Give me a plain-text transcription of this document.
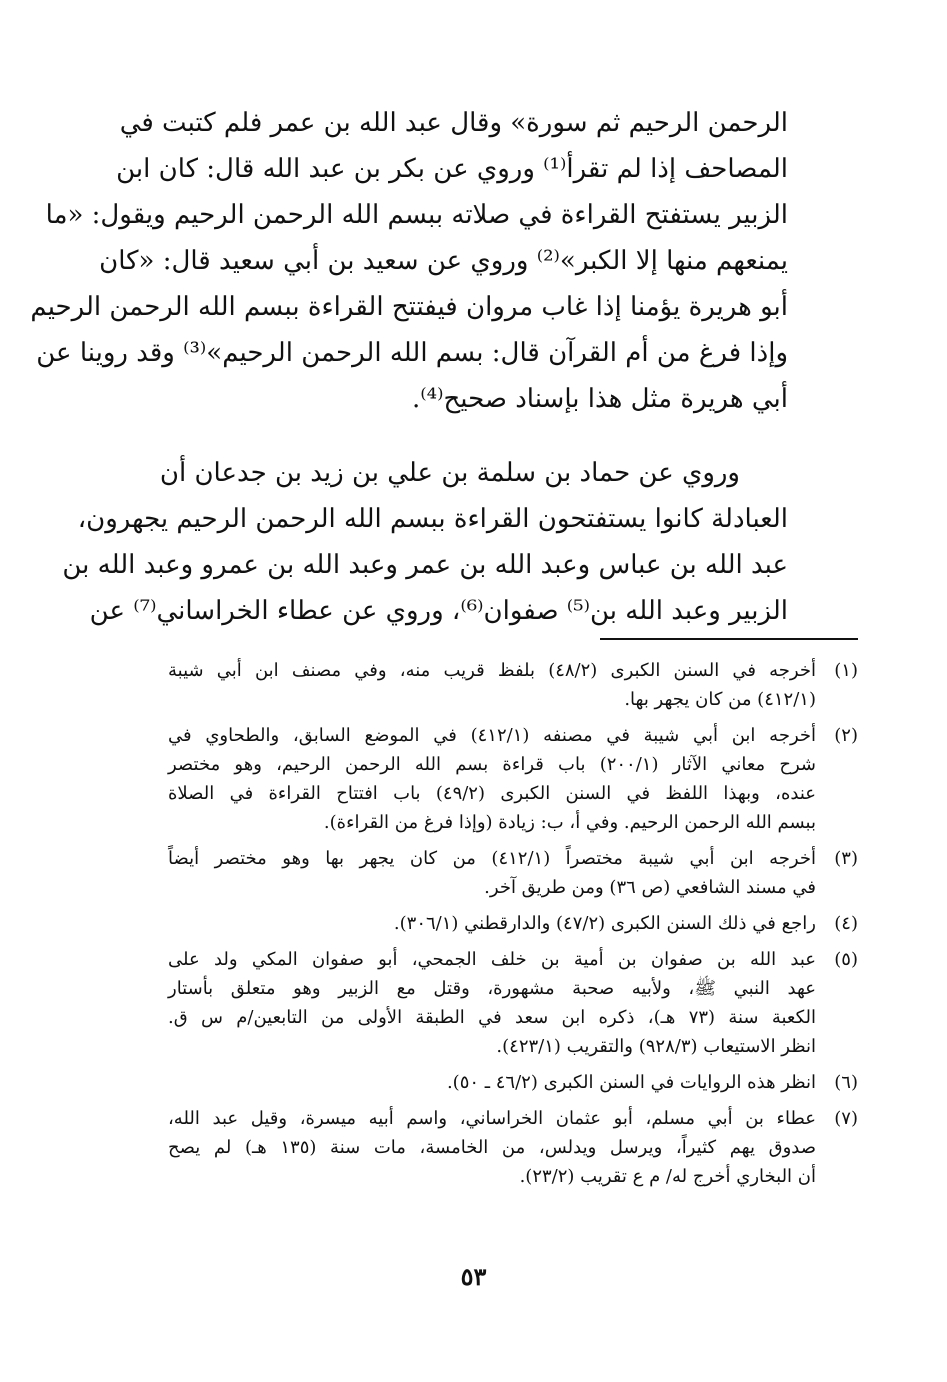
الرحمن الرحيم ثم سورة» وقال عبد الله بن عمر فلم كتبت في
المصاحف إذا لم تقرأ⁽¹⁾ وروي عن بكر بن عبد الله قال: كان ابن
الزبير يستفتح القراءة في صلاته ببسم الله الرحمن الرحيم ويقول: «ما
يمنعهم منها إلا الكبر»⁽²⁾ وروي عن سعيد بن أبي سعيد قال: «كان
أبو هريرة يؤمنا إذا غاب مروان فيفتتح القراءة ببسم الله الرحمن الرحيم
وإذا فرغ من أم القرآن قال: بسم الله الرحمن الرحيم»⁽³⁾ وقد روينا عن
أبي هريرة مثل هذا بإسناد صحيح⁽⁴⁾.
وروي عن حماد بن سلمة بن علي بن زيد بن جدعان أن
العبادلة كانوا يستفتحون القراءة ببسم الله الرحمن الرحيم يجهرون،
عبد الله بن عباس وعبد الله بن عمر وعبد الله بن عمرو وعبد الله بن
الزبير وعبد الله بن⁽⁵⁾ صفوان⁽⁶⁾، وروي عن عطاء الخراساني⁽⁷⁾ عن
(١)
أخرجه في السنن الكبرى (٤٨/٢) بلفظ قريب منه، وفي مصنف ابن أبي شيبة
(٤١٢/١) من كان يجهر بها.
(٢)
أخرجه ابن أبي شيبة في مصنفه (٤١٢/١) في الموضع السابق، والطحاوي في
شرح معاني الآثار (٢٠٠/١) باب قراءة بسم الله الرحمن الرحيم، وهو مختصر
عنده، وبهذا اللفظ في السنن الكبرى (٤٩/٢) باب افتتاح القراءة في الصلاة
ببسم الله الرحمن الرحيم. وفي أ، ب: زيادة (وإذا فرغ من القراءة).
(٣)
أخرجه ابن أبي شيبة مختصراً (٤١٢/١) من كان يجهر بها وهو مختصر أيضاً
في مسند الشافعي (ص ٣٦) ومن طريق آخر.
(٤)
راجع في ذلك السنن الكبرى (٤٧/٢) والدارقطني (٣٠٦/١).
(٥)
عبد الله بن صفوان بن أمية بن خلف الجمحي، أبو صفوان المكي ولد على
عهد النبي ﷺ، ولأبيه صحبة مشهورة، وقتل مع الزبير وهو متعلق بأستار
الكعبة سنة (٧٣ هـ)، ذكره ابن سعد في الطبقة الأولى من التابعين/م س ق.
انظر الاستيعاب (٩٢٨/٣) والتقريب (٤٢٣/١).
(٦)
انظر هذه الروايات في السنن الكبرى (٤٦/٢ ـ ٥٠).
(٧)
عطاء بن أبي مسلم، أبو عثمان الخراساني، واسم أبيه ميسرة، وقيل عبد الله،
صدوق يهم كثيراً، ويرسل ويدلس، من الخامسة، مات سنة (١٣٥ هـ) لم يصح
أن البخاري أخرج له/ م ع تقريب (٢٣/٢).
٥٣
